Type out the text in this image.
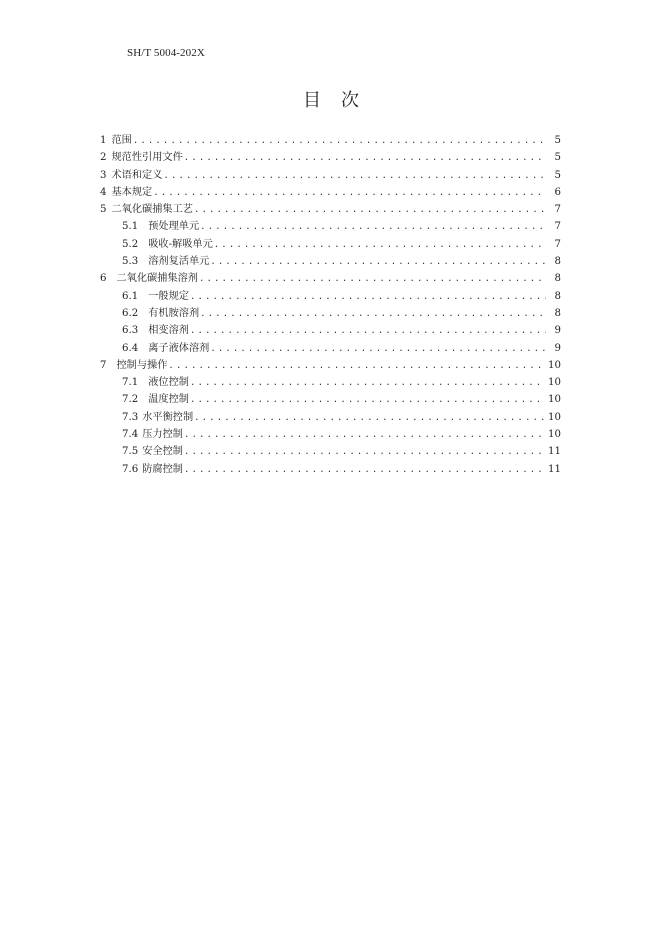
SH/T 5004-202X
目次
1 范围 .....	5
2 规范性引用文件 .....	5
3 术语和定义 .....	5
4 基本规定 .....	6
5 二氧化碳捕集工艺 .....	7
5.1 预处理单元 .....	7
5.2 吸收-解吸单元 .....	7
5.3 溶剂复活单元 .....	8
6 二氧化碳捕集溶剂 .....	8
6.1 一般规定 .....	8
6.2 有机胺溶剂 .....	8
6.3 相变溶剂 .....	9
6.4 离子液体溶剂 .....	9
7 控制与操作 .....	10
7.1 液位控制 .....	10
7.2 温度控制 .....	10
7.3 水平衡控制 .....	10
7.4 压力控制 .....	10
7.5 安全控制 .....	11
7.6 防腐控制 .....	11
